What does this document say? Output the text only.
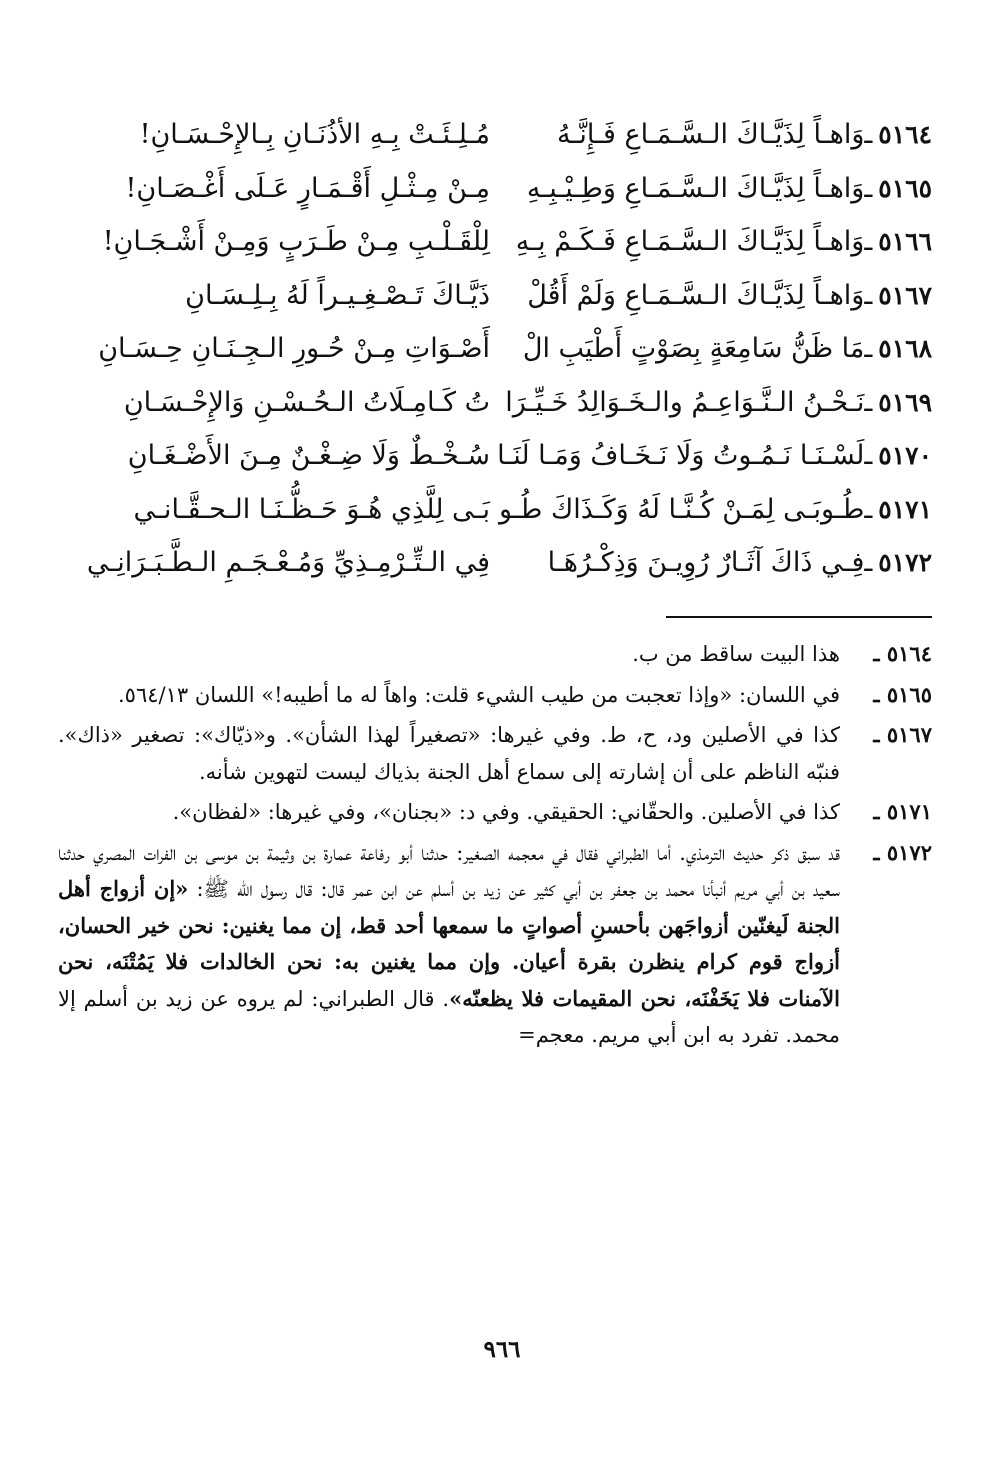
٥١٦٤
ـ
وَاهـاً لِذَيَّـاكَ الـسَّـمَـاعِ فَـإِنَّـهُ
مُـلِـئَـتْ بِـهِ الأذُنَـانِ بِـالإِحْـسَـانِ!
٥١٦٥
ـ
وَاهـاً لِذَيَّـاكَ الـسَّـمَـاعِ وَطِـيْـبِـهِ
مِـنْ مِـثْـلِ أَقْـمَـارٍ عَـلَى أَغْـصَـانِ!
٥١٦٦
ـ
وَاهـاً لِذَيَّـاكَ الـسَّـمَـاعِ فَـكَـمْ بِـهِ
لِلْقَـلْـبِ مِـنْ طَـرَبٍ وَمِـنْ أَشْـجَـانِ!
٥١٦٧
ـ
وَاهـاً لِذَيَّـاكَ الـسَّـمَـاعِ وَلَمْ أَقُلْ
ذَيَّـاكَ تَـصْـغِـيـراً لَهُ بِـلِـسَـانِ
٥١٦٨
ـ
مَا ظَنُّ سَامِعَةٍ بِصَوْتٍ أَطْيَبِ الْ
أَصْـوَاتِ مِـنْ حُـورِ الـجِـنَـانِ حِـسَـانِ
٥١٦٩
ـ
نَـحْـنُ الـنَّـوَاعِـمُ والـخَـوَالِدُ خَـيِّـرَا
تُ كَـامِـلَاتُ الـحُـسْـنِ وَالإِحْـسَـانِ
٥١٧٠
ـ
لَسْـنَـا نَـمُـوتُ وَلَا نَـخَـافُ وَمَـا لَنَـا
سُـخْـطٌ وَلَا ضِـغْـنٌ مِـنَ الأَضْـغَـانِ
٥١٧١
ـ
طُـوبَـى لِمَـنْ كُـنَّـا لَهُ وَكَـذَاكَ طُـو
بَـى لِلَّذِي هُـوَ حَـظُّـنَـا الـحـقَّـانـي
٥١٧٢
ـ
فِـي ذَاكَ آثَـارٌ رُوِيـنَ وَذِكْـرُهَـا
فِي الـتِّـرْمِـذِيِّ وَمُـعْـجَـمِ الـطَّـبَـرَانِـي
٥١٦٤ ـ
هذا البيت ساقط من ب.
٥١٦٥ ـ
في اللسان: «وإذا تعجبت من طيب الشيء قلت: واهاً له ما أطيبه!» اللسان ٥٦٤/١٣.
٥١٦٧ ـ
كذا في الأصلين ود، ح، ط. وفي غيرها: «تصغيراً لهذا الشأن». و«ذيّاك»: تصغير «ذاك». فنبّه الناظم على أن إشارته إلى سماع أهل الجنة بذياك ليست لتهوين شأنه.
٥١٧١ ـ
كذا في الأصلين. والحقّاني: الحقيقي. وفي د: «بجنان»، وفي غيرها: «لفظان».
٥١٧٢ ـ
قد سبق ذكر حديث الترمذي. أما الطبراني فقال في معجمه الصغير: حدثنا أبو رفاعة عمارة بن وثيمة بن موسى بن الفرات المصري حدثنا سعيد بن أبي مريم أنبأنا محمد بن جعفر بن أبي كثير عن زيد بن أسلم عن ابن عمر قال: قال رسول الله ﷺ: «إن أزواج أهل الجنة لَيغنّين أزواجَهن بأحسنِ أصواتٍ ما سمعها أحد قط، إن مما يغنين: نحن خير الحسان، أزواج قوم كرام ينظرن بقرة أعيان. وإن مما يغنين به: نحن الخالدات فلا يَمُتْنَه، نحن الآمنات فلا يَخَفْنَه، نحن المقيمات فلا يظعنّه». قال الطبراني: لم يروه عن زيد بن أسلم إلا محمد. تفرد به ابن أبي مريم. معجم=
٩٦٦
